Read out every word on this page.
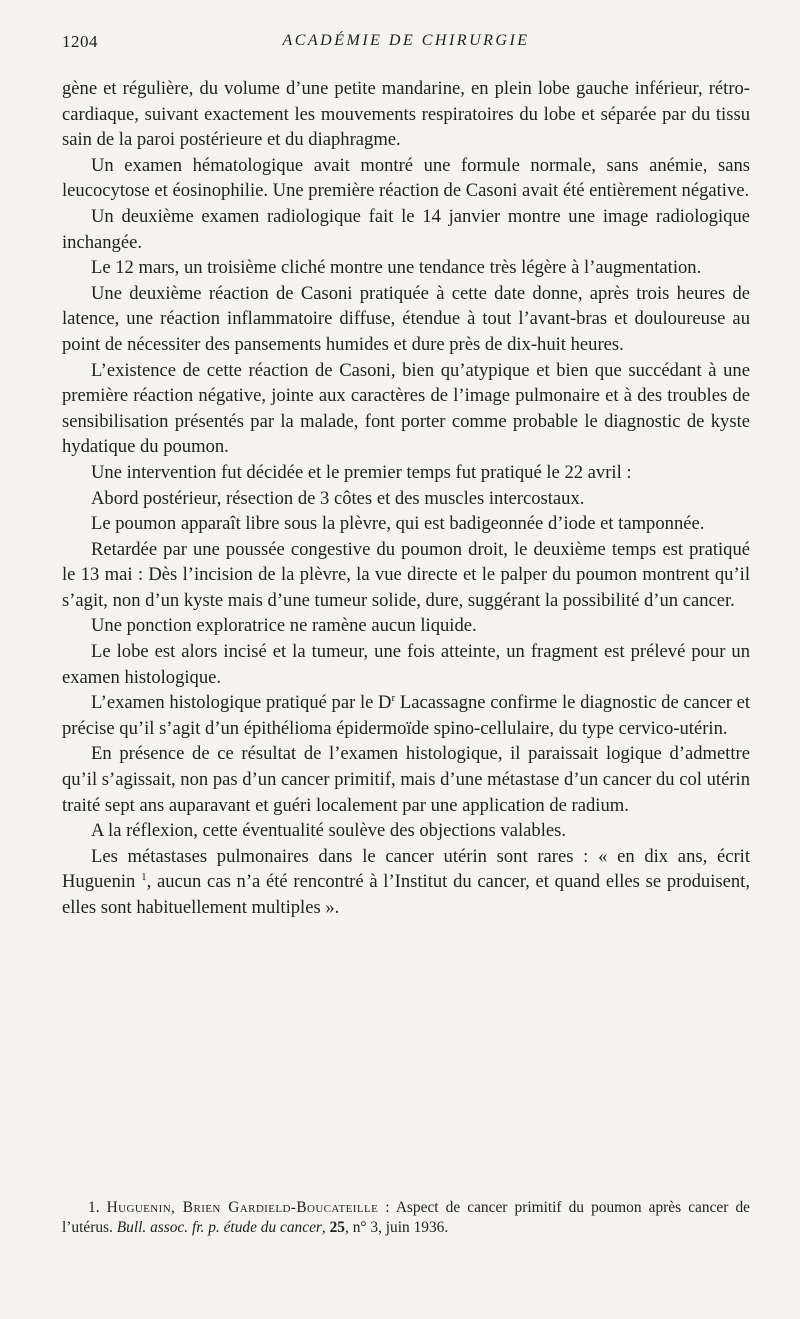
1204	ACADÉMIE DE CHIRURGIE

gène et régulière, du volume d’une petite mandarine, en plein lobe gauche inférieur, rétro-cardiaque, suivant exactement les mouvements respiratoires du lobe et séparée par du tissu sain de la paroi postérieure et du diaphragme.

Un examen hématologique avait montré une formule normale, sans anémie, sans leucocytose et éosinophilie. Une première réaction de Casoni avait été entièrement négative.

Un deuxième examen radiologique fait le 14 janvier montre une image radiologique inchangée.

Le 12 mars, un troisième cliché montre une tendance très légère à l’augmentation.

Une deuxième réaction de Casoni pratiquée à cette date donne, après trois heures de latence, une réaction inflammatoire diffuse, étendue à tout l’avant-bras et douloureuse au point de nécessiter des pansements humides et dure près de dix-huit heures.

L’existence de cette réaction de Casoni, bien qu’atypique et bien que succédant à une première réaction négative, jointe aux caractères de l’image pulmonaire et à des troubles de sensibilisation présentés par la malade, font porter comme probable le diagnostic de kyste hydatique du poumon.

Une intervention fut décidée et le premier temps fut pratiqué le 22 avril :

Abord postérieur, résection de 3 côtes et des muscles intercostaux.

Le poumon apparaît libre sous la plèvre, qui est badigeonnée d’iode et tamponnée.

Retardée par une poussée congestive du poumon droit, le deuxième temps est pratiqué le 13 mai : Dès l’incision de la plèvre, la vue directe et le palper du poumon montrent qu’il s’agit, non d’un kyste mais d’une tumeur solide, dure, suggérant la possibilité d’un cancer.

Une ponction exploratrice ne ramène aucun liquide.

Le lobe est alors incisé et la tumeur, une fois atteinte, un fragment est prélevé pour un examen histologique.

L’examen histologique pratiqué par le $D^r$ Lacassagne confirme le diagnostic de cancer et précise qu’il s’agit d’un épithélioma épidermoïde spino-cellulaire, du type cervico-utérin.

En présence de ce résultat de l’examen histologique, il paraissait logique d’admettre qu’il s’agissait, non pas d’un cancer primitif, mais d’une métastase d’un cancer du col utérin traité sept ans auparavant et guéri localement par une application de radium.

A la réflexion, cette éventualité soulève des objections valables.

Les métastases pulmonaires dans le cancer utérin sont rares : « en dix ans, écrit Huguenin $^1$, aucun cas n’a été rencontré à l’Institut du cancer, et quand elles se produisent, elles sont habituellement multiples ».

1. Huguenin, Brien Gardield-Boucateille : Aspect de cancer primitif du poumon après cancer de l’utérus. Bull. assoc. fr. p. étude du cancer, 25, n° 3, juin 1936.
